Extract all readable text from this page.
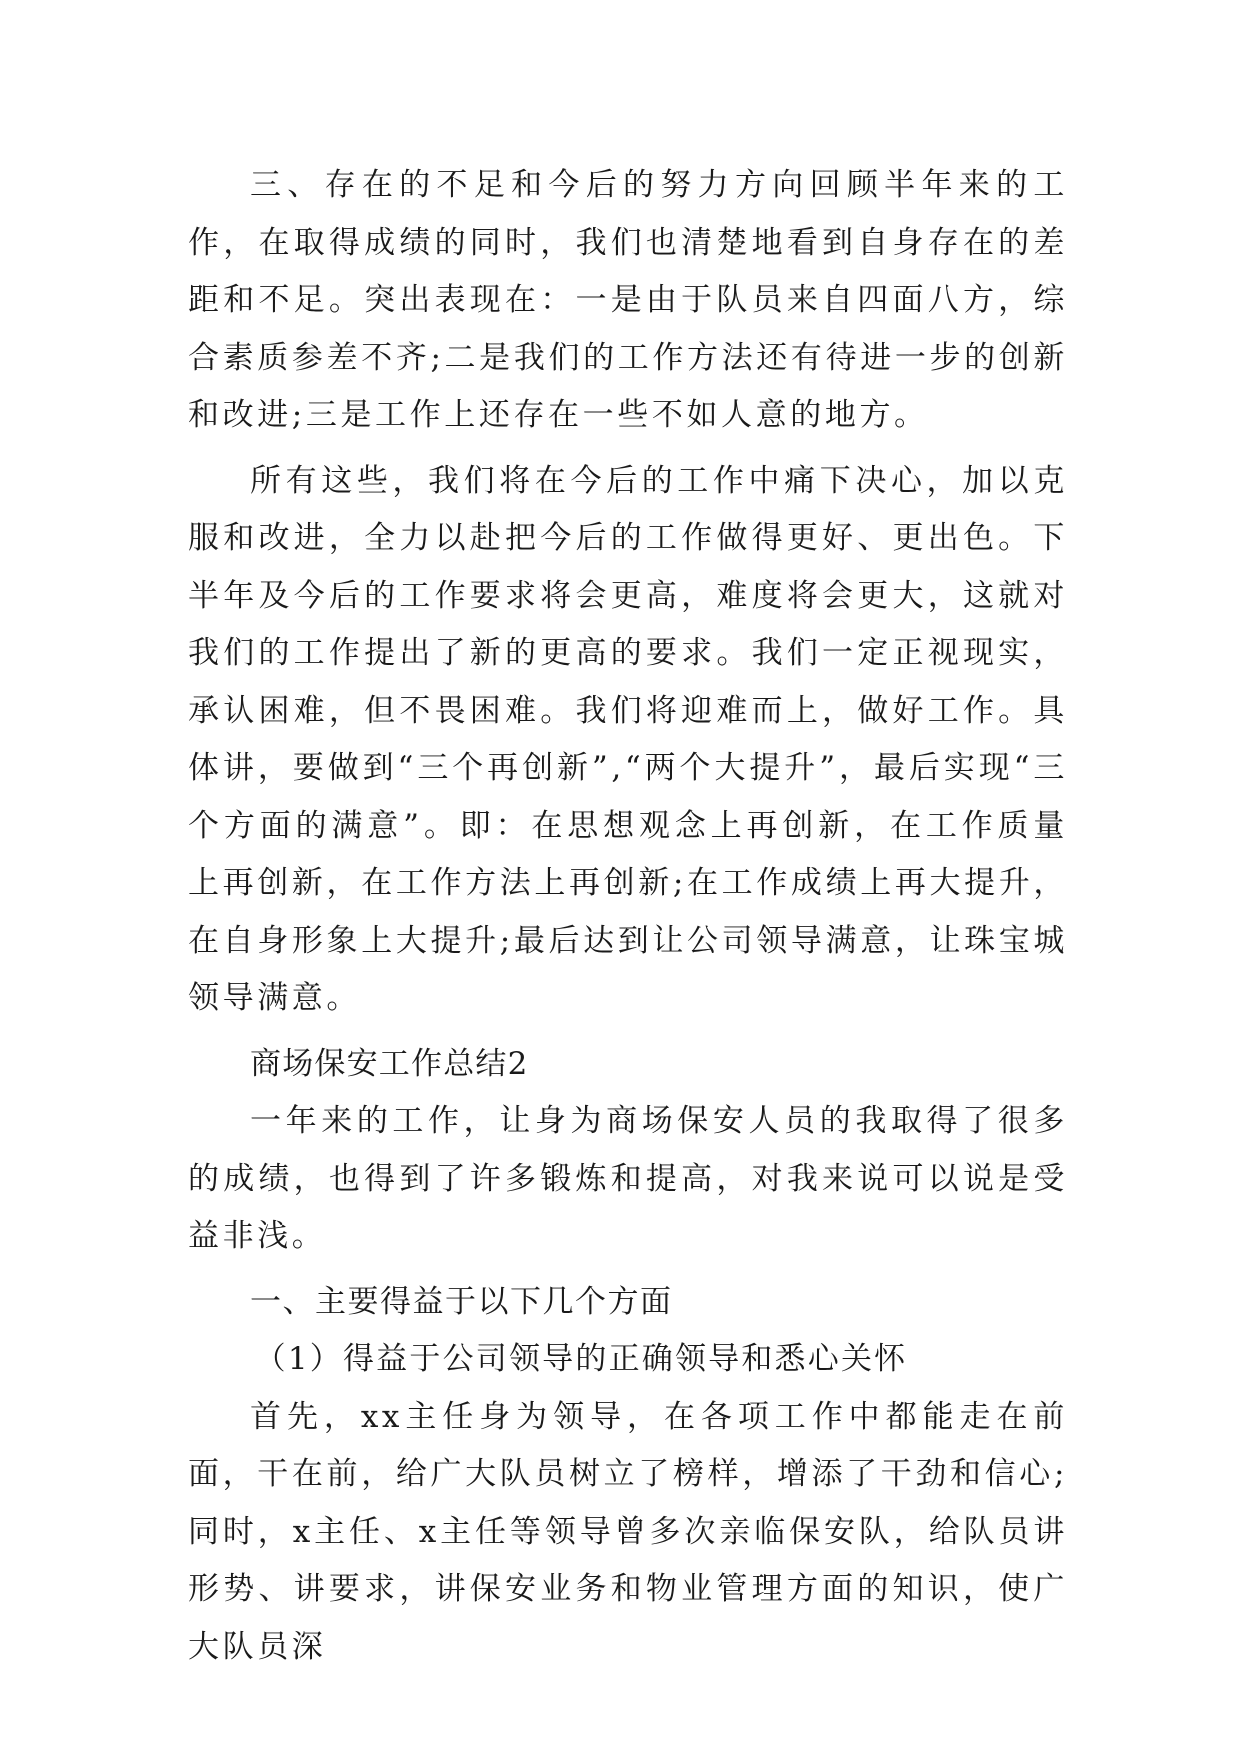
三、存在的不足和今后的努力方向回顾半年来的工作，在取得成绩的同时，我们也清楚地看到自身存在的差距和不足。突出表现在：一是由于队员来自四面八方，综合素质参差不齐;二是我们的工作方法还有待进一步的创新和改进;三是工作上还存在一些不如人意的地方。

所有这些，我们将在今后的工作中痛下决心，加以克服和改进，全力以赴把今后的工作做得更好、更出色。下半年及今后的工作要求将会更高，难度将会更大，这就对我们的工作提出了新的更高的要求。我们一定正视现实，承认困难，但不畏困难。我们将迎难而上，做好工作。具体讲，要做到“三个再创新”,“两个大提升”，最后实现“三个方面的满意”。即：在思想观念上再创新，在工作质量上再创新，在工作方法上再创新;在工作成绩上再大提升，在自身形象上大提升;最后达到让公司领导满意，让珠宝城领导满意。

商场保安工作总结2

一年来的工作，让身为商场保安人员的我取得了很多的成绩，也得到了许多锻炼和提高，对我来说可以说是受益非浅。

一、主要得益于以下几个方面

（1）得益于公司领导的正确领导和悉心关怀

首先，xx主任身为领导，在各项工作中都能走在前面，干在前，给广大队员树立了榜样，增添了干劲和信心;同时，x主任、x主任等领导曾多次亲临保安队，给队员讲形势、讲要求，讲保安业务和物业管理方面的知识，使广大队员深
